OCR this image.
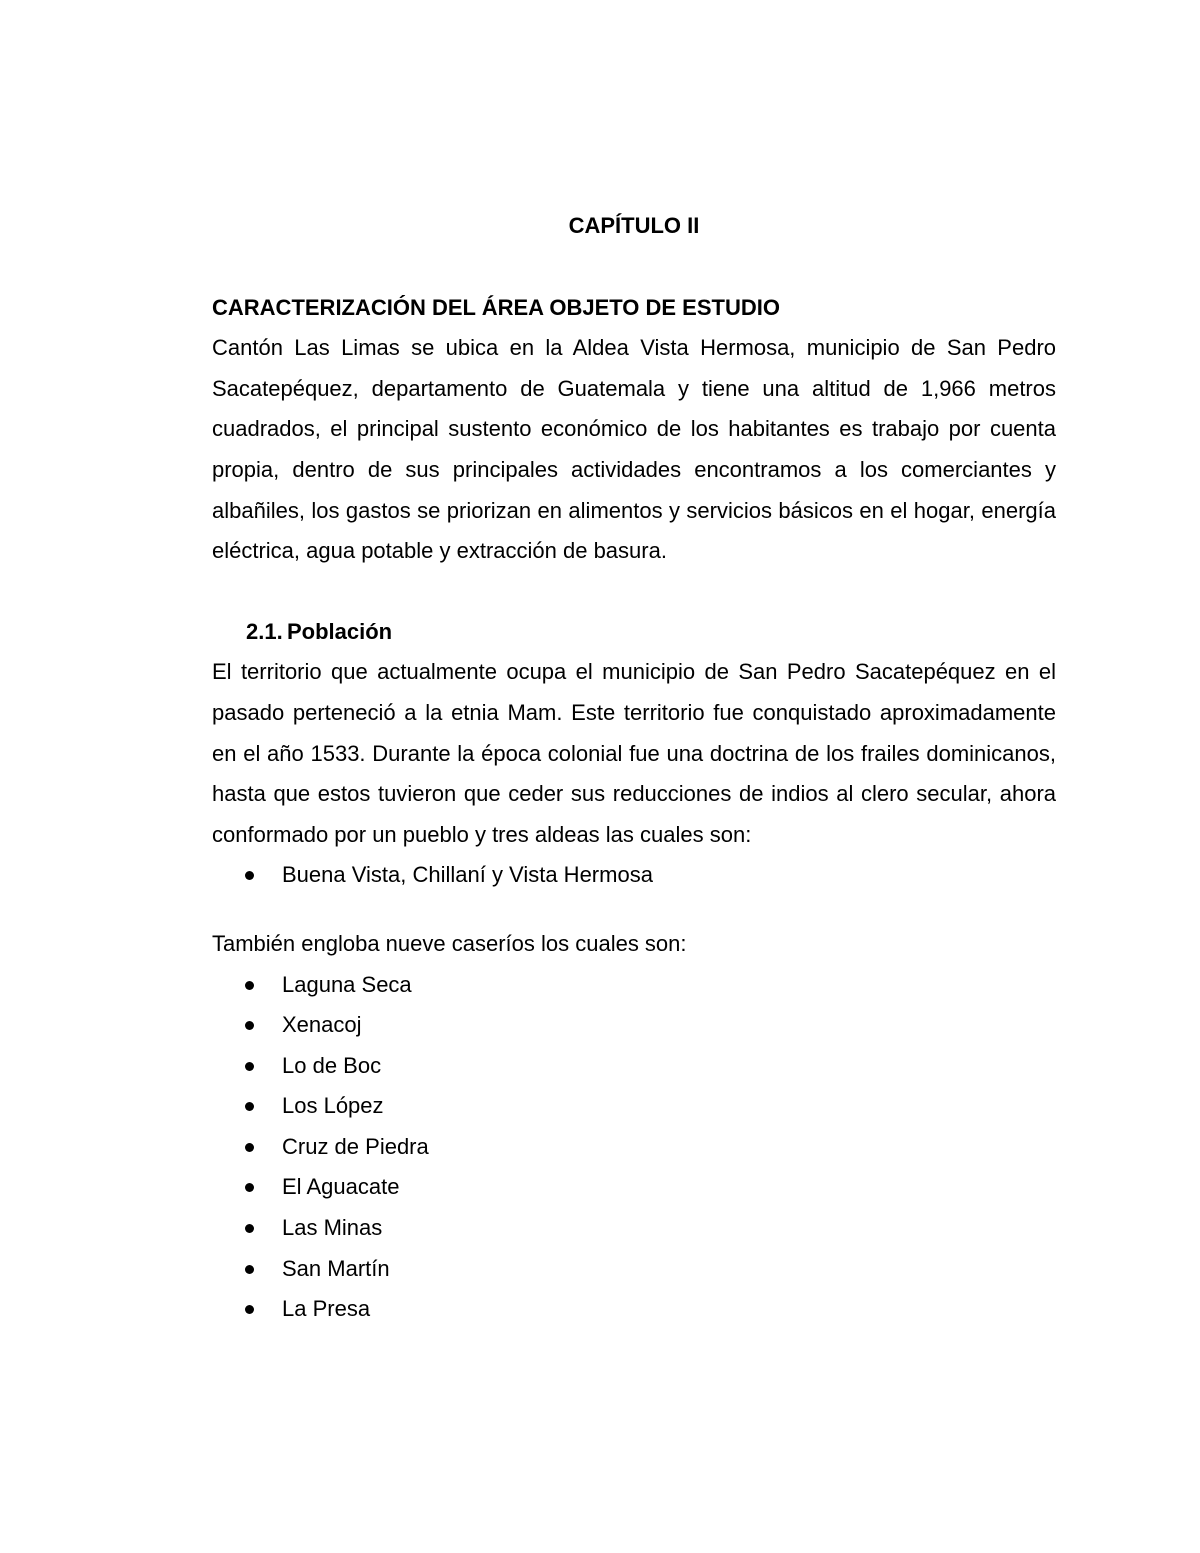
CAPÍTULO II
CARACTERIZACIÓN DEL ÁREA OBJETO DE ESTUDIO

Cantón Las Limas se ubica en la Aldea Vista Hermosa, municipio de San Pedro Sacatepéquez, departamento de Guatemala y tiene una altitud de 1,966 metros cuadrados, el principal sustento económico de los habitantes es trabajo por cuenta propia, dentro de sus principales actividades encontramos a los comerciantes y albañiles, los gastos se priorizan en alimentos y servicios básicos en el hogar, energía eléctrica, agua potable y extracción de basura.

2.1. Población

El territorio que actualmente ocupa el municipio de San Pedro Sacatepéquez en el pasado perteneció a la etnia Mam. Este territorio fue conquistado aproximadamente en el año 1533. Durante la época colonial fue una doctrina de los frailes dominicanos, hasta que estos tuvieron que ceder sus reducciones de indios al clero secular, ahora conformado por un pueblo y tres aldeas las cuales son:

Buena Vista, Chillaní y Vista Hermosa

También engloba nueve caseríos los cuales son:

Laguna Seca
Xenacoj
Lo de Boc
Los López
Cruz de Piedra
El Aguacate
Las Minas
San Martín
La Presa
